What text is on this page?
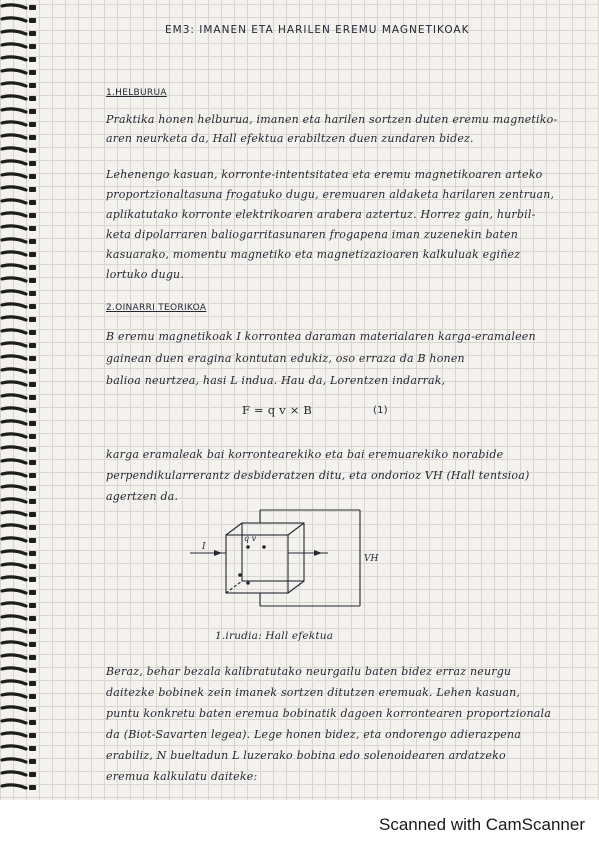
EM3: IMANEN ETA HARILEN EREMU MAGNETIKOAK
1.HELBURUA
Praktika honen helburua, imanen eta harilen sortzen duten eremu magnetiko-
aren neurketa da, Hall efektua erabiltzen duen zundaren bidez.
Lehenengo kasuan, korronte-intentsitatea eta eremu magnetikoaren arteko
proportzionaltasuna frogatuko dugu, eremuaren aldaketa harilaren zentruan,
aplikatutako korronte elektrikoaren arabera aztertuz. Horrez gain, hurbil-
keta dipolarraren baliogarritasunaren frogapena iman zuzenekin baten
kasuarako, momentu magnetiko eta magnetizazioaren kalkuluak egiñez
lortuko dugu.
2.OINARRI TEORIKOA
B eremu magnetikoak I korrontea daraman materialaren karga-eramaleen
gainean duen eragina kontutan edukiz, oso erraza da B honen
balioa neurtzea, hasi L indua. Hau da, Lorentzen indarrak,
F = q v × B	(1)
karga eramaleak bai korrontearekiko eta bai eremuarekiko norabide
perpendikularrerantz desbideratzen ditu, eta ondorioz VH (Hall tentsioa)
agertzen da.
I
q v
VH
1.irudia: Hall efektua
Beraz, behar bezala kalibratutako neurgailu baten bidez erraz neurgu
daitezke bobinek zein imanek sortzen ditutzen eremuak. Lehen kasuan,
puntu konkretu baten eremua bobinatik dagoen korrontearen proportzionala
da (Biot-Savarten legea). Lege honen bidez, eta ondorengo adierazpena
erabiliz, N bueltadun L luzerako bobina edo solenoidearen ardatzeko
eremua kalkulatu daiteke:
Scanned with CamScanner
